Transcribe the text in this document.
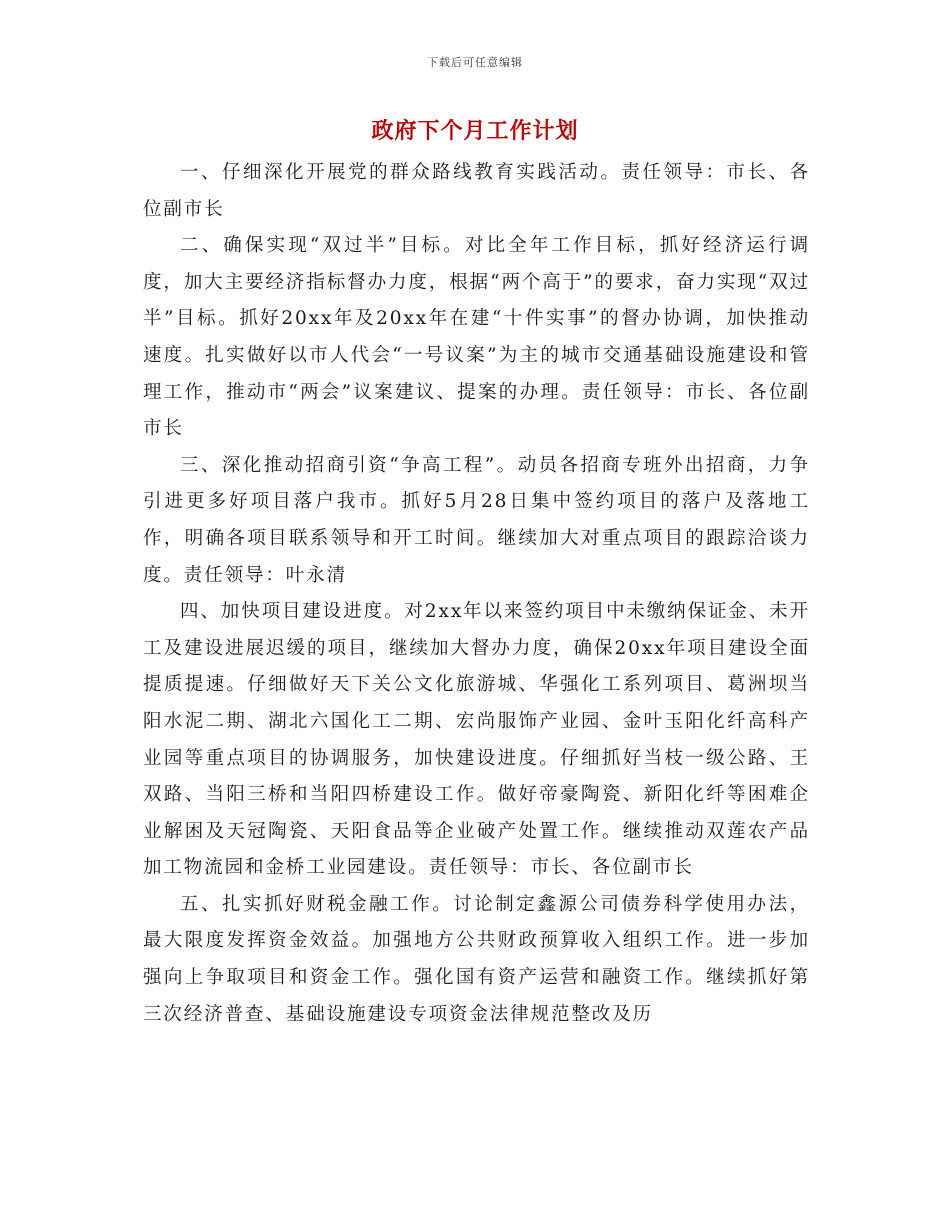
下载后可任意编辑
政府下个月工作计划

一、仔细深化开展党的群众路线教育实践活动。责任领导：市长、各位副市长

二、确保实现“双过半”目标。对比全年工作目标，抓好经济运行调度，加大主要经济指标督办力度，根据“两个高于”的要求，奋力实现“双过半”目标。抓好20xx年及20xx年在建“十件实事”的督办协调，加快推动速度。扎实做好以市人代会“一号议案”为主的城市交通基础设施建设和管理工作，推动市“两会”议案建议、提案的办理。责任领导：市长、各位副市长

三、深化推动招商引资“争高工程”。动员各招商专班外出招商，力争引进更多好项目落户我市。抓好5月28日集中签约项目的落户及落地工作，明确各项目联系领导和开工时间。继续加大对重点项目的跟踪洽谈力度。责任领导：叶永清

四、加快项目建设进度。对2xx年以来签约项目中未缴纳保证金、未开工及建设进展迟缓的项目，继续加大督办力度，确保20xx年项目建设全面提质提速。仔细做好天下关公文化旅游城、华强化工系列项目、葛洲坝当阳水泥二期、湖北六国化工二期、宏尚服饰产业园、金叶玉阳化纤高科产业园等重点项目的协调服务，加快建设进度。仔细抓好当枝一级公路、王双路、当阳三桥和当阳四桥建设工作。做好帝豪陶瓷、新阳化纤等困难企业解困及天冠陶瓷、天阳食品等企业破产处置工作。继续推动双莲农产品加工物流园和金桥工业园建设。责任领导：市长、各位副市长

五、扎实抓好财税金融工作。讨论制定鑫源公司债券科学使用办法，最大限度发挥资金效益。加强地方公共财政预算收入组织工作。进一步加强向上争取项目和资金工作。强化国有资产运营和融资工作。继续抓好第三次经济普查、基础设施建设专项资金法律规范整改及历
